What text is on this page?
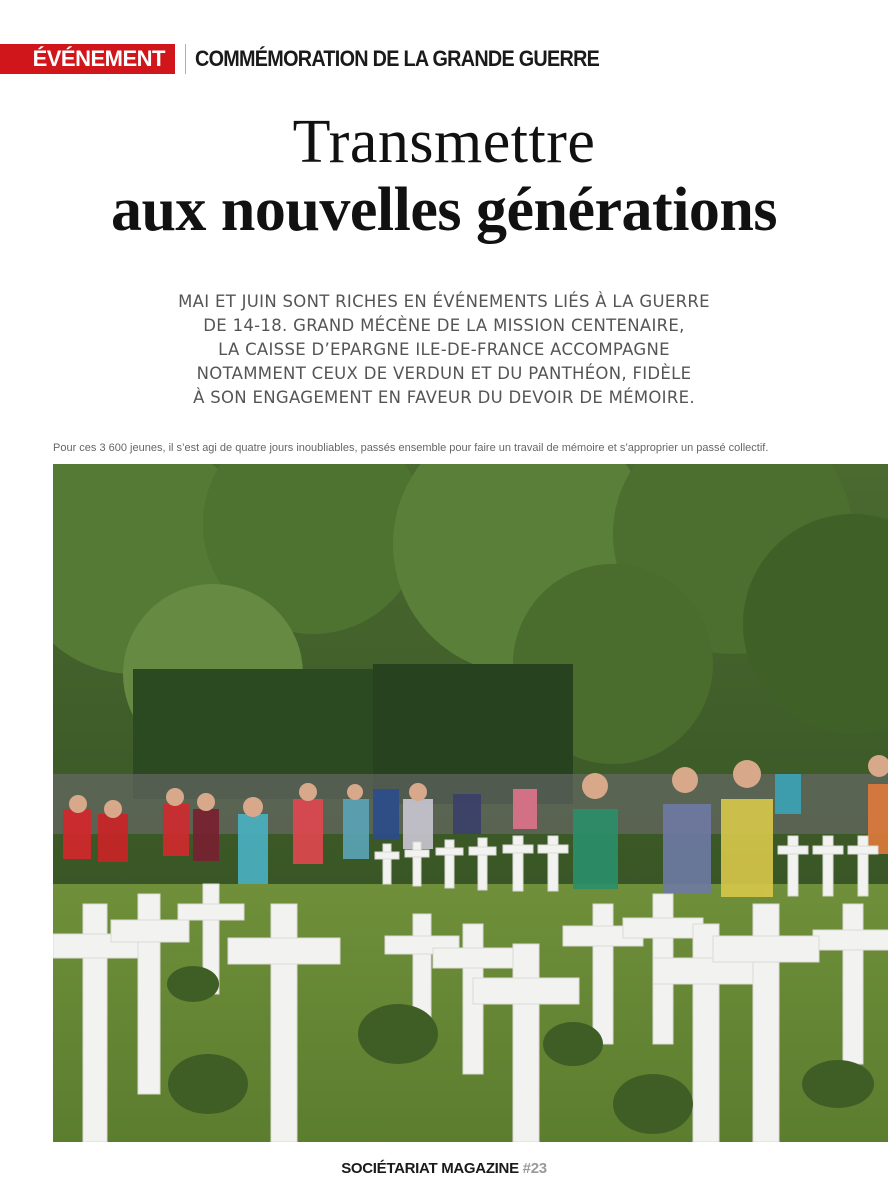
ÉVÉNEMENT	COMMÉMORATION DE LA GRANDE GUERRE
Transmettre
aux nouvelles générations
MAI ET JUIN SONT RICHES EN ÉVÉNEMENTS LIÉS À LA GUERRE
DE 14-18. GRAND MÉCÈNE DE LA MISSION CENTENAIRE,
LA CAISSE D’EPARGNE ILE-DE-FRANCE ACCOMPAGNE
NOTAMMENT CEUX DE VERDUN ET DU PANTHÉON, FIDÈLE
À SON ENGAGEMENT EN FAVEUR DU DEVOIR DE MÉMOIRE.
Pour ces 3 600 jeunes, il s’est agi de quatre jours inoubliables, passés ensemble pour faire un travail de mémoire et s’approprier un passé collectif.
SOCIÉTARIAT MAGAZINE #23
